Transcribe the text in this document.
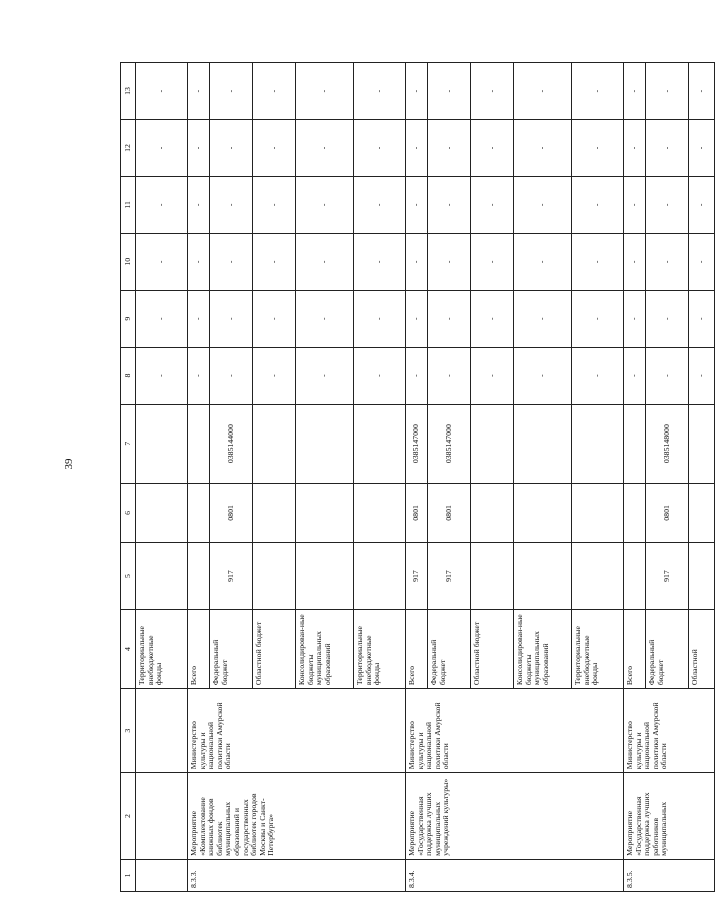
39
1	2	3	4	5	6	7	8	9	10	11	12	13
			Территориальные внебюджетные фонды				-	-	-	-	-	-
8.3.3.	Мероприятие «Комплектование книжных фондов библиотек муниципальных образований и государственных библиотек городов Москвы и Санкт-Петербурга»	Министерство культуры и национальной политики Амурской области	Всего				-	-	-	-	-	-
			Федеральный бюджет	917	0801	0385144000	-	-	-	-	-	-
			Областной бюджет				-	-	-	-	-	-
			Консолидирован-ные бюджеты муниципальных образований				-	-	-	-	-	-
			Территориальные внебюджетные фонды				-	-	-	-	-	-
8.3.4.	Мероприятие «Государственная поддержка лучших муниципальных учреждений культуры»	Министерство культуры и национальной политики Амурской области	Всего	917	0801	0385147000	-	-	-	-	-	-
			Федеральный бюджет	917	0801	0385147000	-	-	-	-	-	-
			Областной бюджет				-	-	-	-	-	-
			Консолидирован-ные бюджеты муниципальных образований				-	-	-	-	-	-
			Территориальные внебюджетные фонды				-	-	-	-	-	-
8.3.5.	Мероприятие «Государственная поддержка лучших работников муниципальных	Министерство культуры и национальной политики Амурской области	Всего				-	-	-	-	-	-
			Федеральный бюджет	917	0801	0385148000	-	-	-	-	-	-
			Областной				-	-	-	-	-	-
